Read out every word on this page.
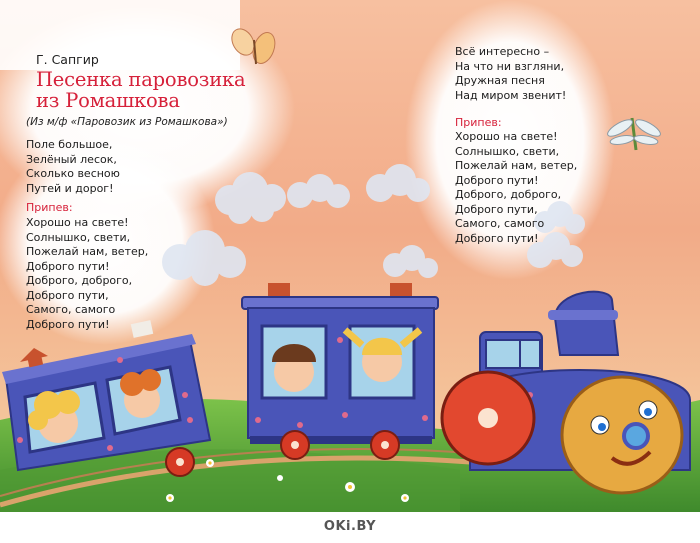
Г. Сапгир
Песенка паровозика
из Ромашкова
(Из м/ф «Паровозик из Ромашкова»)
Поле большое,
Зелёный лесок,
Сколько весною
Путей и дорог!
Припев:
Хорошо на свете!
Солнышко, свети,
Пожелай нам, ветер,
Доброго пути!
Доброго, доброго,
Доброго пути,
Самого, самого
Доброго пути!
Всё интересно –
На что ни взгляни,
Дружная песня
Над миром звенит!
Припев:
Хорошо на свете!
Солнышко, свети,
Пожелай нам, ветер,
Доброго пути!
Доброго, доброго,
Доброго пути,
Самого, самого
Доброго пути!
OKi.BY
